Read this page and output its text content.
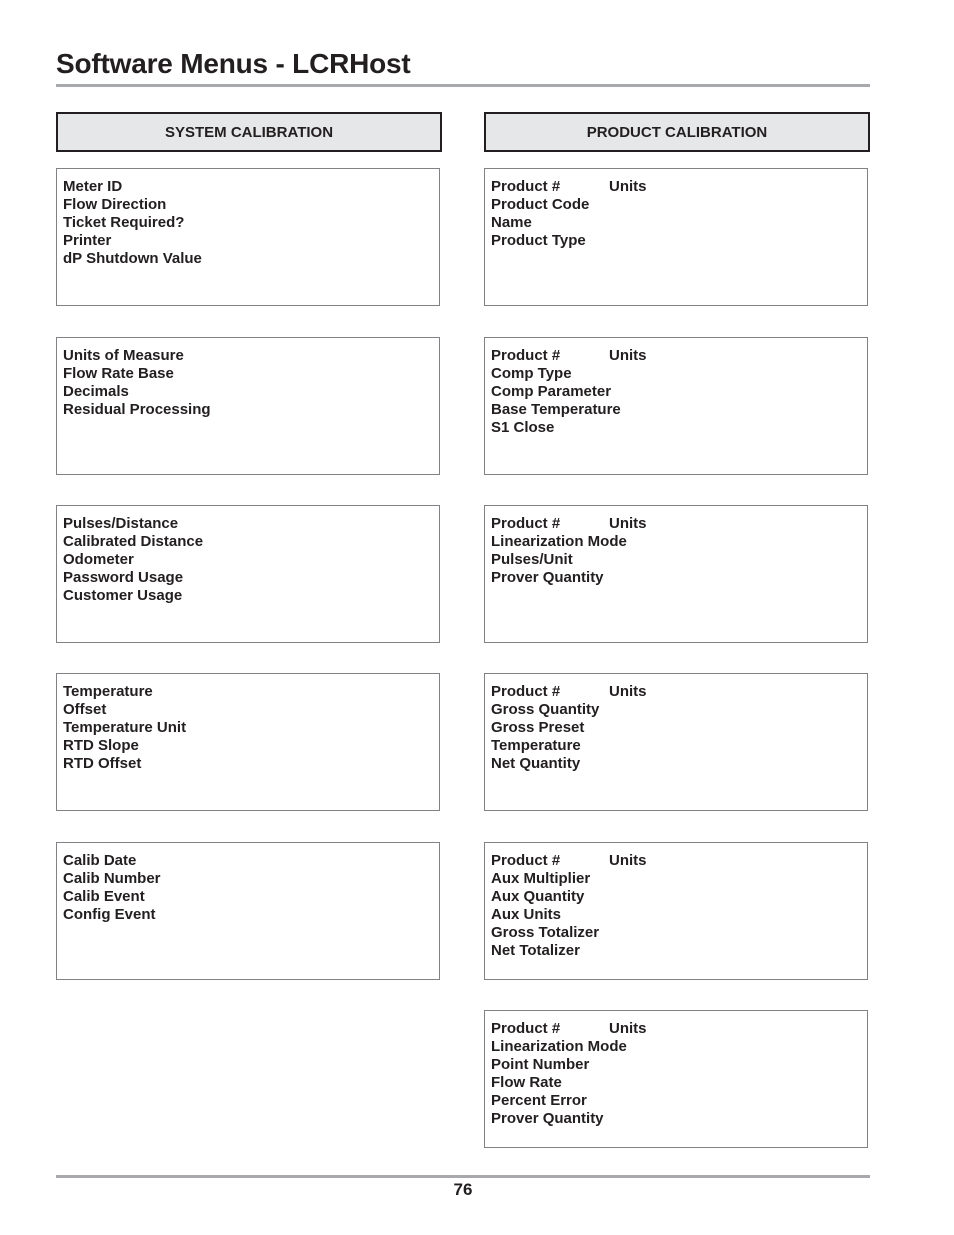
Software Menus - LCRHost
SYSTEM CALIBRATION	PRODUCT CALIBRATION
Meter ID
Flow Direction
Ticket Required?
Printer
dP Shutdown Value
Units of Measure
Flow Rate Base
Decimals
Residual Processing
Pulses/Distance
Calibrated Distance
Odometer
Password Usage
Customer Usage
Temperature
Offset
Temperature Unit
RTD Slope
RTD Offset
Calib Date
Calib Number
Calib Event
Config Event
Product #	Units
Product Code
Name
Product Type
Product #	Units
Comp Type
Comp Parameter
Base Temperature
S1 Close
Product #	Units
Linearization Mode
Pulses/Unit
Prover Quantity
Product #	Units
Gross Quantity
Gross Preset
Temperature
Net Quantity
Product #	Units
Aux Multiplier
Aux Quantity
Aux Units
Gross Totalizer
Net Totalizer
Product #	Units
Linearization Mode
Point Number
Flow Rate
Percent Error
Prover Quantity
76
